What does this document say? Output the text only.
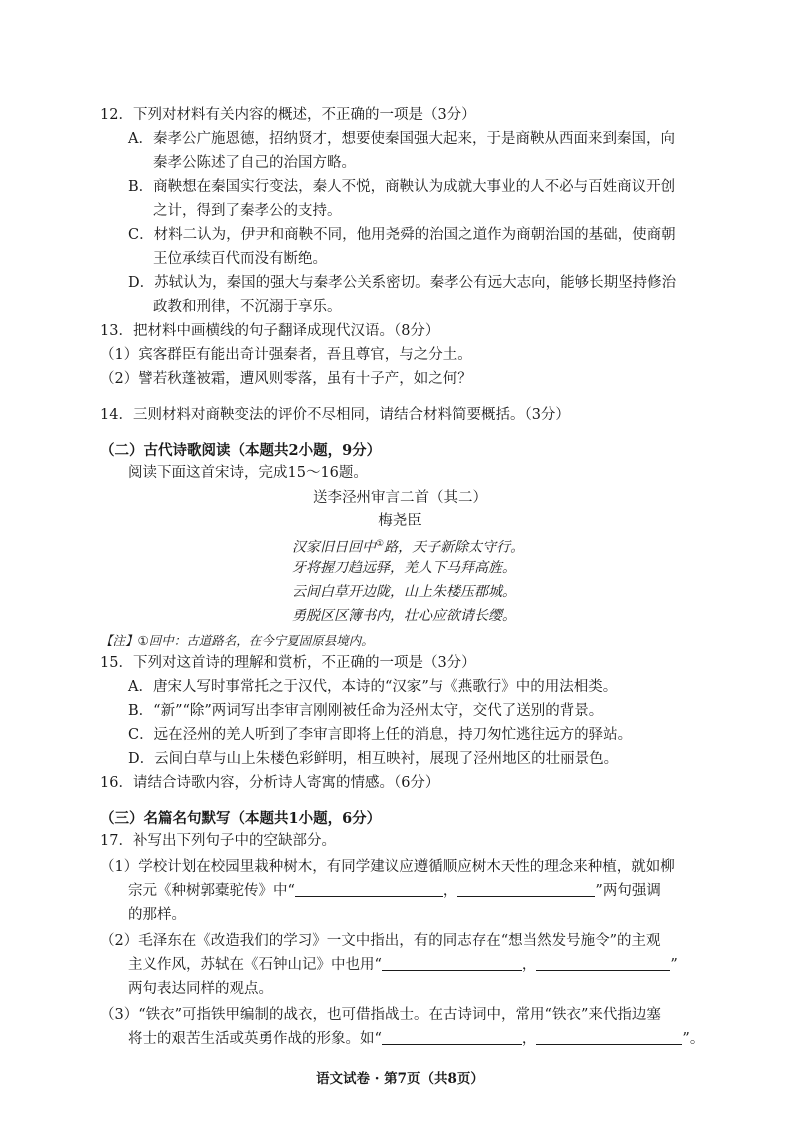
12．下列对材料有关内容的概述，不正确的一项是（3分）
A．秦孝公广施恩德，招纳贤才，想要使秦国强大起来，于是商鞅从西面来到秦国，向
秦孝公陈述了自己的治国方略。
B．商鞅想在秦国实行变法，秦人不悦，商鞅认为成就大事业的人不必与百姓商议开创
之计，得到了秦孝公的支持。
C．材料二认为，伊尹和商鞅不同，他用尧舜的治国之道作为商朝治国的基础，使商朝
王位承续百代而没有断绝。
D．苏轼认为，秦国的强大与秦孝公关系密切。秦孝公有远大志向，能够长期坚持修治
政教和刑律，不沉溺于享乐。
13．把材料中画横线的句子翻译成现代汉语。（8分）
（1）宾客群臣有能出奇计强秦者，吾且尊官，与之分土。
（2）譬若秋蓬被霜，遭风则零落，虽有十子产，如之何？
14．三则材料对商鞅变法的评价不尽相同，请结合材料简要概括。（3分）
（二）古代诗歌阅读（本题共2小题，9分）
阅读下面这首宋诗，完成15～16题。
送李泾州审言二首（其二）
梅尧臣
汉家旧日回中①路，天子新除太守行。
牙将握刀趋远驿，羌人下马拜高旌。
云间白草开边陇，山上朱楼压郡城。
勇脱区区簿书内，壮心应欲请长缨。
【注】①回中：古道路名，在今宁夏固原县境内。
15．下列对这首诗的理解和赏析，不正确的一项是（3分）
A．唐宋人写时事常托之于汉代，本诗的“汉家”与《燕歌行》中的用法相类。
B．“新”“除”两词写出李审言刚刚被任命为泾州太守，交代了送别的背景。
C．远在泾州的羌人听到了李审言即将上任的消息，持刀匆忙逃往远方的驿站。
D．云间白草与山上朱楼色彩鲜明，相互映衬，展现了泾州地区的壮丽景色。
16．请结合诗歌内容，分析诗人寄寓的情感。（6分）
（三）名篇名句默写（本题共1小题，6分）
17．补写出下列句子中的空缺部分。
（1）学校计划在校园里栽种树木，有同学建议应遵循顺应树木天性的理念来种植，就如柳
宗元《种树郭橐驼传》中“	，	”两句强调
的那样。
（2）毛泽东在《改造我们的学习》一文中指出，有的同志存在“想当然发号施令”的主观
主义作风，苏轼在《石钟山记》中也用“	，	”
两句表达同样的观点。
（3）“铁衣”可指铁甲编制的战衣，也可借指战士。在古诗词中，常用“铁衣”来代指边塞
将士的艰苦生活或英勇作战的形象。如“	，	”。
语文试卷 · 第7页（共8页）
